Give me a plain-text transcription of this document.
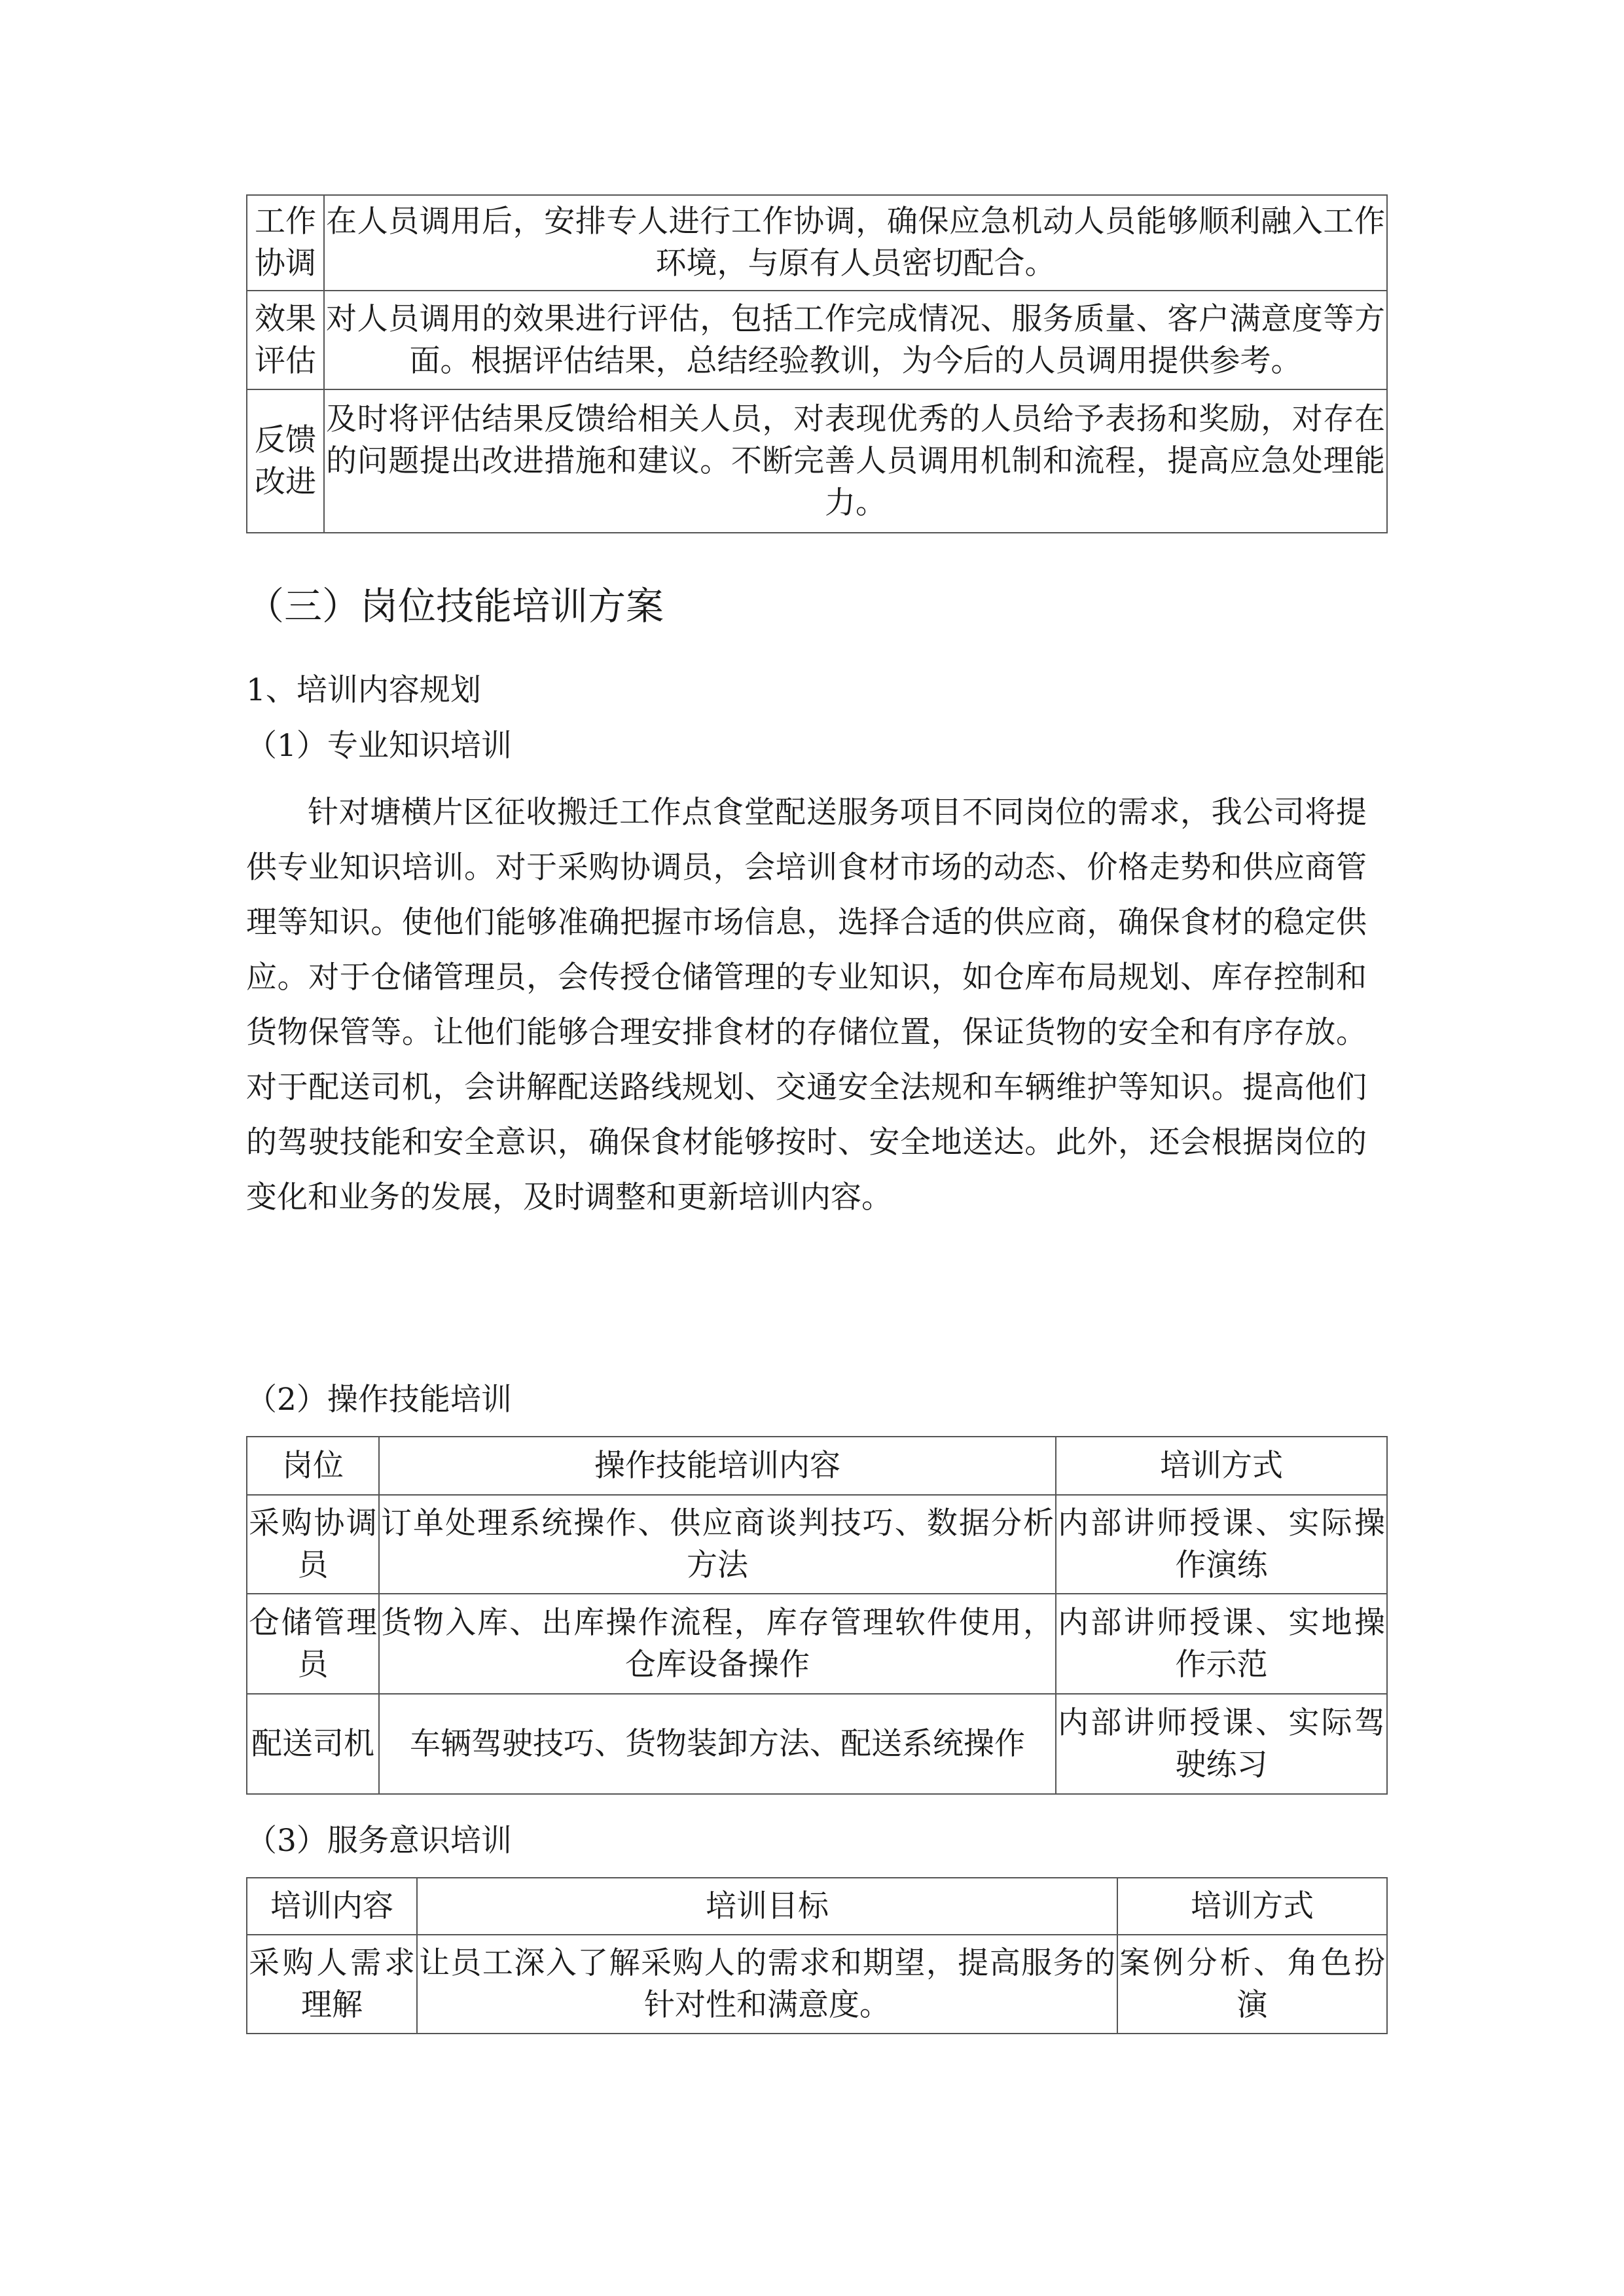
工作协调	在人员调用后，安排专人进行工作协调，确保应急机动人员能够顺利融入工作环境，与原有人员密切配合。
效果评估	对人员调用的效果进行评估，包括工作完成情况、服务质量、客户满意度等方面。根据评估结果，总结经验教训，为今后的人员调用提供参考。
反馈改进	及时将评估结果反馈给相关人员，对表现优秀的人员给予表扬和奖励，对存在的问题提出改进措施和建议。不断完善人员调用机制和流程，提高应急处理能力。
（三）岗位技能培训方案
1、培训内容规划
（1）专业知识培训
针对塘横片区征收搬迁工作点食堂配送服务项目不同岗位的需求，我公司将提供专业知识培训。对于采购协调员，会培训食材市场的动态、价格走势和供应商管理等知识。使他们能够准确把握市场信息，选择合适的供应商，确保食材的稳定供应。对于仓储管理员，会传授仓储管理的专业知识，如仓库布局规划、库存控制和货物保管等。让他们能够合理安排食材的存储位置，保证货物的安全和有序存放。对于配送司机，会讲解配送路线规划、交通安全法规和车辆维护等知识。提高他们的驾驶技能和安全意识，确保食材能够按时、安全地送达。此外，还会根据岗位的变化和业务的发展，及时调整和更新培训内容。
（2）操作技能培训
岗位	操作技能培训内容	培训方式
采购协调员	订单处理系统操作、供应商谈判技巧、数据分析方法	内部讲师授课、实际操作演练
仓储管理员	货物入库、出库操作流程，库存管理软件使用，仓库设备操作	内部讲师授课、实地操作示范
配送司机	车辆驾驶技巧、货物装卸方法、配送系统操作	内部讲师授课、实际驾驶练习
（3）服务意识培训
培训内容	培训目标	培训方式
采购人需求理解	让员工深入了解采购人的需求和期望，提高服务的针对性和满意度。	案例分析、角色扮演
